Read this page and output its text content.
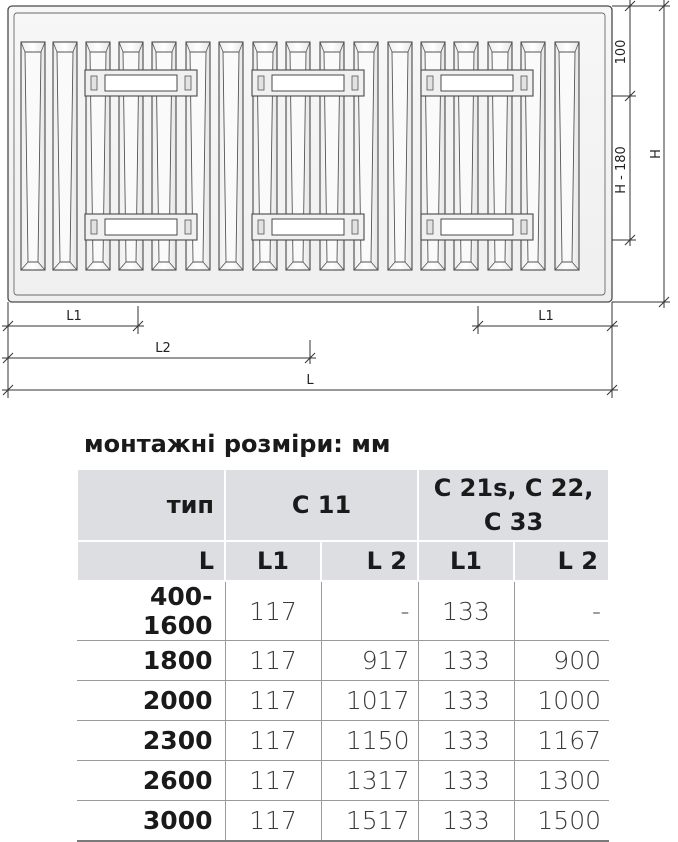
100
H - 180 H
L1	L1
L2
L
монтажні розміри: мм
тип	C 11		C 21s, C 22,
C 33	
L	L1	L 2	L1	L 2
400-1600	117	-	133	-
1800	117	917	133	900
2000	117	1017	133	1000
2300	117	1150	133	1167
2600	117	1317	133	1300
3000	117	1517	133	1500
